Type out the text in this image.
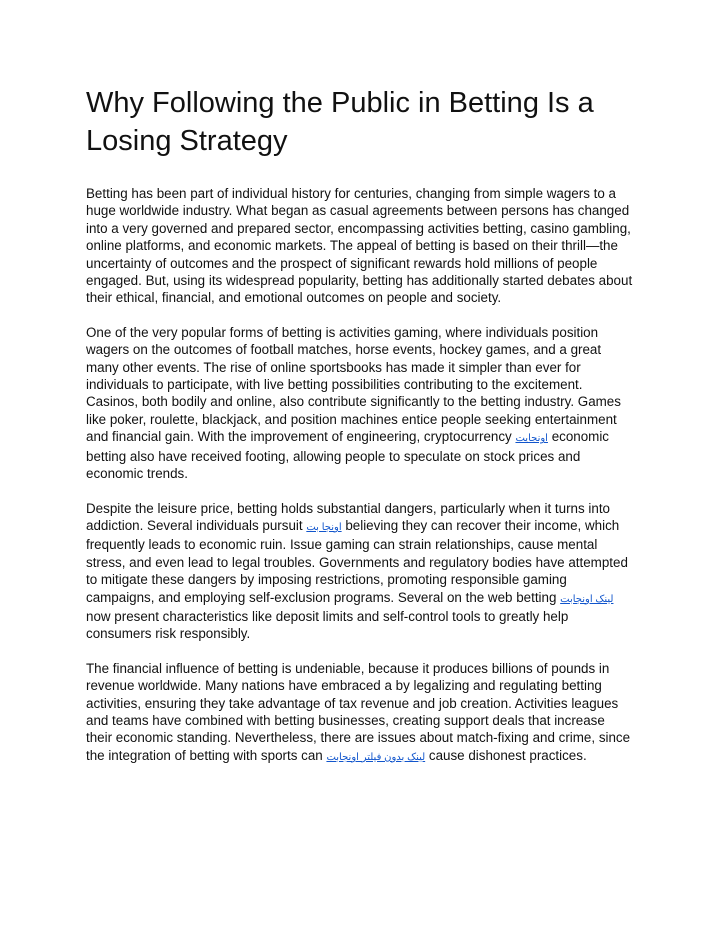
Why Following the Public in Betting Is a Losing Strategy

Betting has been part of individual history for centuries, changing from simple wagers to a huge worldwide industry. What began as casual agreements between persons has changed into a very governed and prepared sector, encompassing activities betting, casino gambling, online platforms, and economic markets. The appeal of betting is based on their thrill—the uncertainty of outcomes and the prospect of significant rewards hold millions of people engaged. But, using its widespread popularity, betting has additionally started debates about their ethical, financial, and emotional outcomes on people and society.

One of the very popular forms of betting is activities gaming, where individuals position wagers on the outcomes of football matches, horse events, hockey games, and a great many other events. The rise of online sportsbooks has made it simpler than ever for individuals to participate, with live betting possibilities contributing to the excitement. Casinos, both bodily and online, also contribute significantly to the betting industry. Games like poker, roulette, blackjack, and position machines entice people seeking entertainment and financial gain. With the improvement of engineering, cryptocurrency اونجایت economic betting also have received footing, allowing people to speculate on stock prices and economic trends.

Despite the leisure price, betting holds substantial dangers, particularly when it turns into addiction. Several individuals pursuit اونجا بت believing they can recover their income, which frequently leads to economic ruin. Issue gaming can strain relationships, cause mental stress, and even lead to legal troubles. Governments and regulatory bodies have attempted to mitigate these dangers by imposing restrictions, promoting responsible gaming campaigns, and employing self-exclusion programs. Several on the web betting لینک اونجابت now present characteristics like deposit limits and self-control tools to greatly help consumers risk responsibly.

The financial influence of betting is undeniable, because it produces billions of pounds in revenue worldwide. Many nations have embraced a by legalizing and regulating betting activities, ensuring they take advantage of tax revenue and job creation. Activities leagues and teams have combined with betting businesses, creating support deals that increase their economic standing. Nevertheless, there are issues about match-fixing and crime, since the integration of betting with sports can لینک بدون فیلتر اونجابت cause dishonest practices.
